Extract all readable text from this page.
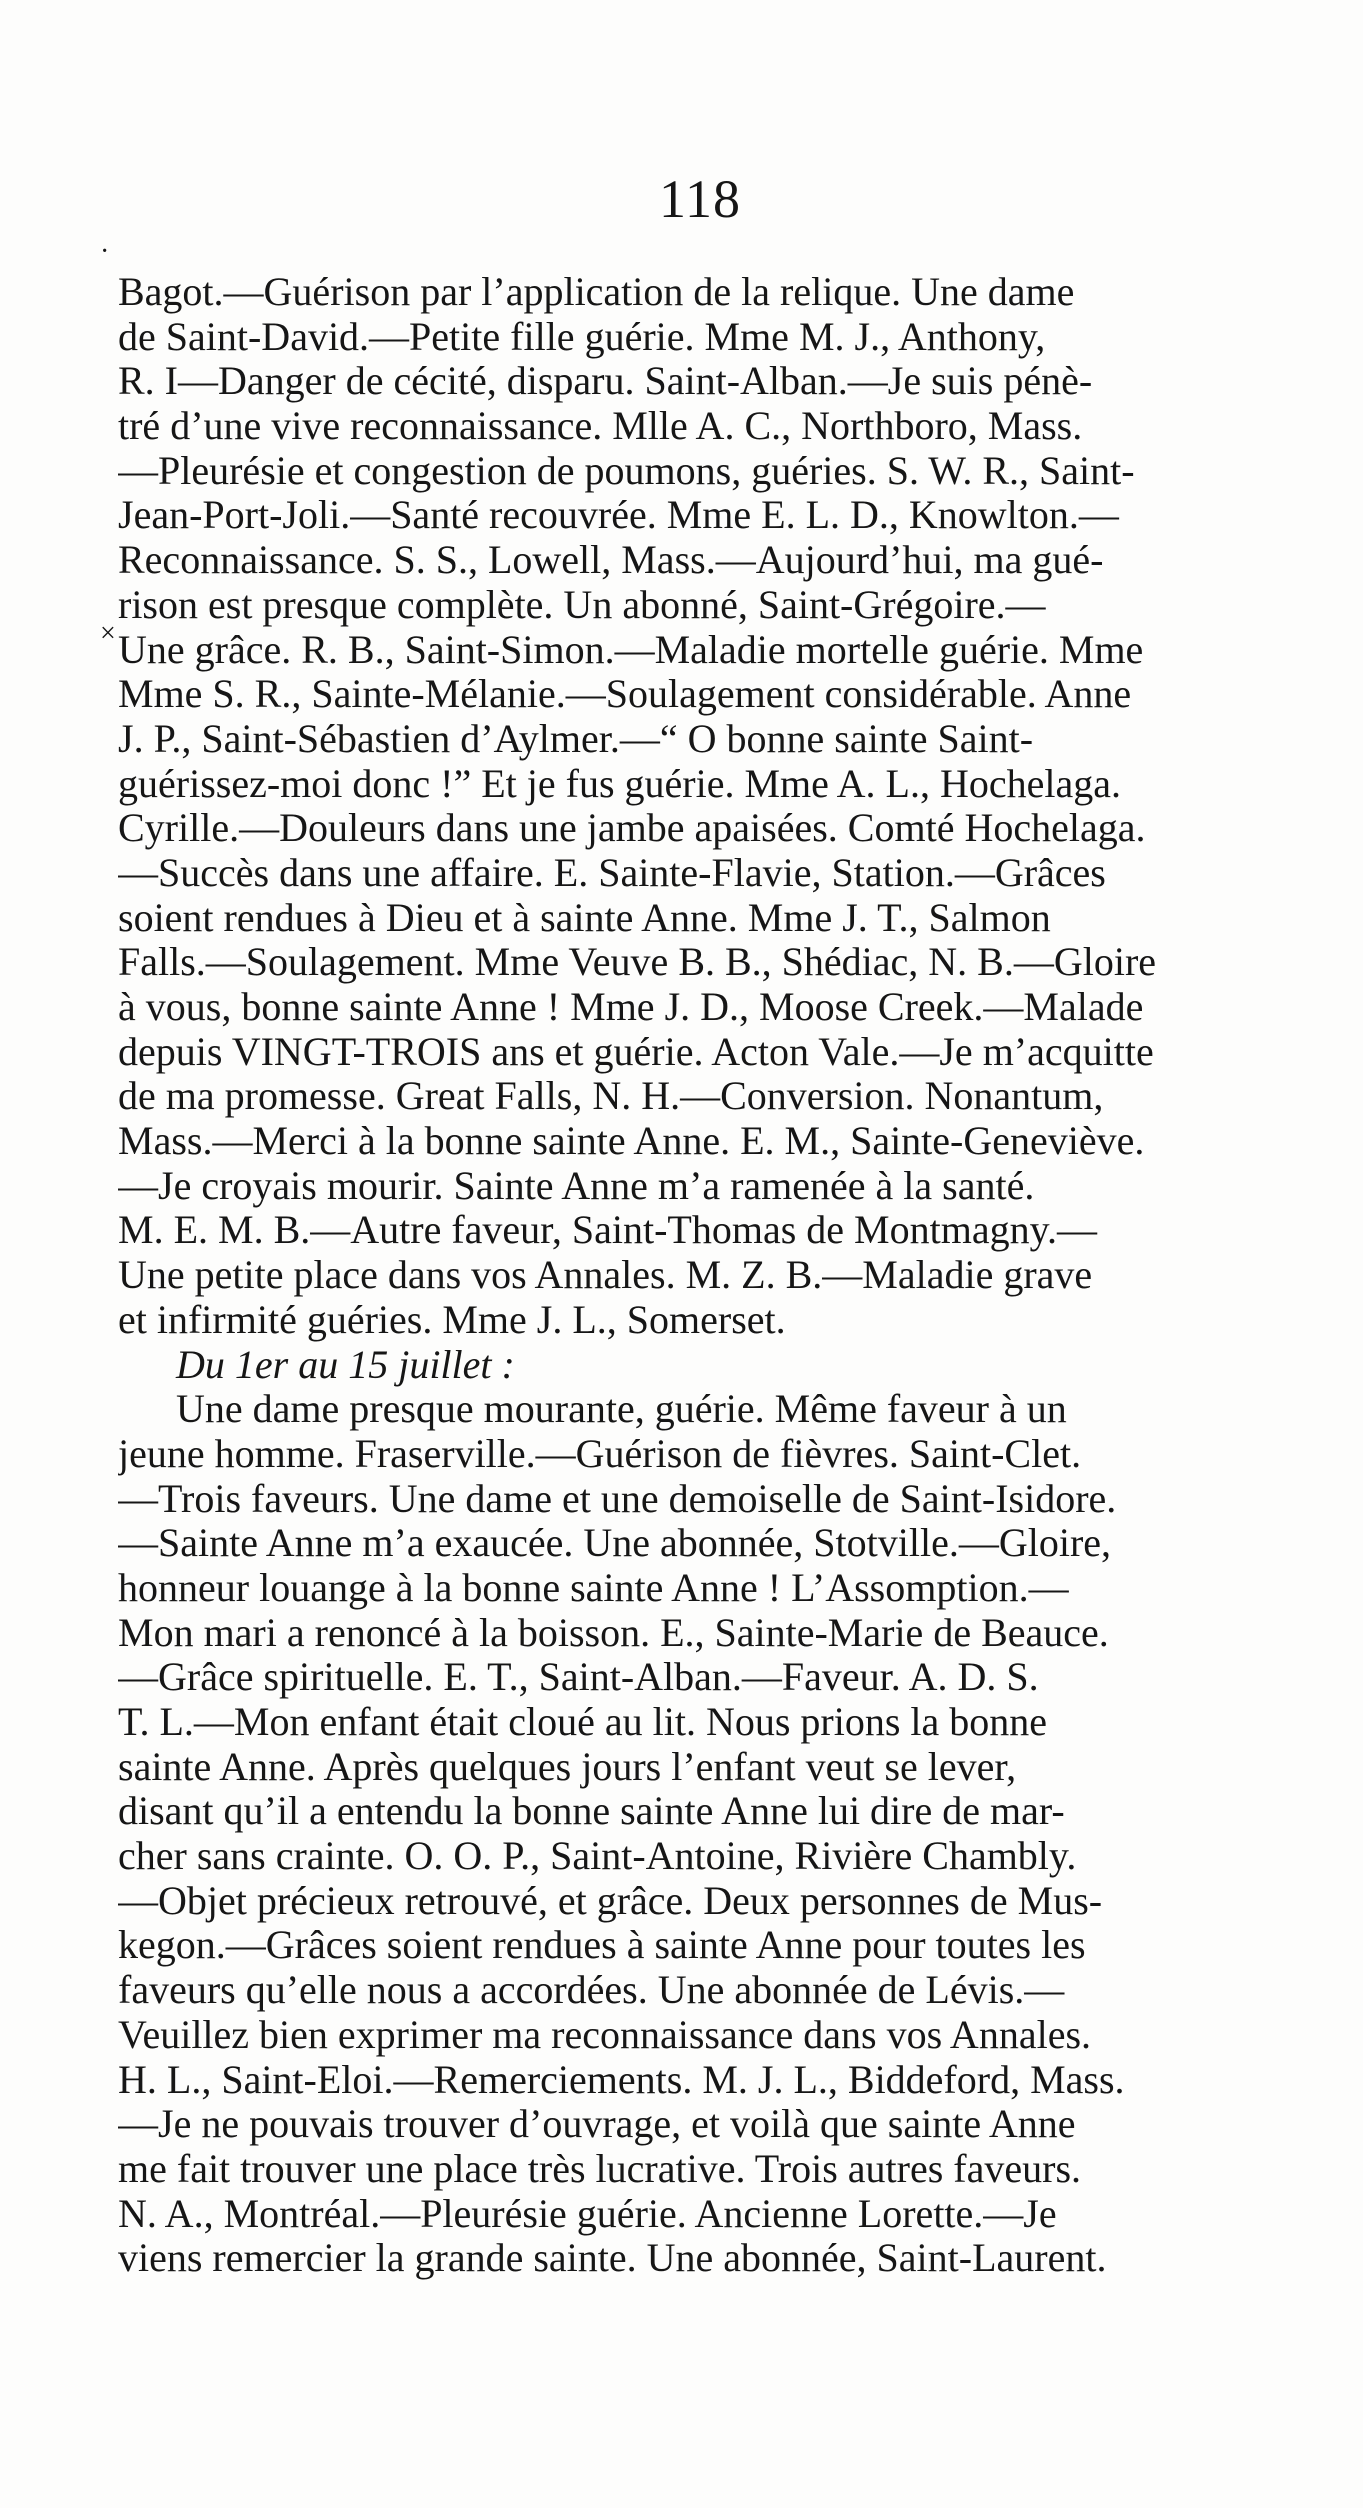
·
×
118
Bagot.—Guérison par l’application de la relique. Une dame
de Saint-David.—Petite fille guérie. Mme M. J., Anthony,
R. I—Danger de cécité, disparu. Saint-Alban.—Je suis pénè-
tré d’une vive reconnaissance. Mlle A. C., Northboro, Mass.
—Pleurésie et congestion de poumons, guéries. S. W. R., Saint-
Jean-Port-Joli.—Santé recouvrée. Mme E. L. D., Knowlton.—
Reconnaissance. S. S., Lowell, Mass.—Aujourd’hui, ma gué-
rison est presque complète. Un abonné, Saint-Grégoire.—
Une grâce. R. B., Saint-Simon.—Maladie mortelle guérie. Mme
Mme S. R., Sainte-Mélanie.—Soulagement considérable. Anne
J. P., Saint-Sébastien d’Aylmer.—“ O bonne sainte Saint-
guérissez-moi donc !” Et je fus guérie. Mme A. L., Hochelaga.
Cyrille.—Douleurs dans une jambe apaisées. Comté Hochelaga.
—Succès dans une affaire. E. Sainte-Flavie, Station.—Grâces
soient rendues à Dieu et à sainte Anne. Mme J. T., Salmon
Falls.—Soulagement. Mme Veuve B. B., Shédiac, N. B.—Gloire
à vous, bonne sainte Anne ! Mme J. D., Moose Creek.—Malade
depuis VINGT-TROIS ans et guérie. Acton Vale.—Je m’acquitte
de ma promesse. Great Falls, N. H.—Conversion. Nonantum,
Mass.—Merci à la bonne sainte Anne. E. M., Sainte-Geneviève.
—Je croyais mourir. Sainte Anne m’a ramenée à la santé.
M. E. M. B.—Autre faveur, Saint-Thomas de Montmagny.—
Une petite place dans vos Annales. M. Z. B.—Maladie grave
et infirmité guéries. Mme J. L., Somerset.
Du 1er au 15 juillet :
Une dame presque mourante, guérie. Même faveur à un
jeune homme. Fraserville.—Guérison de fièvres. Saint-Clet.
—Trois faveurs. Une dame et une demoiselle de Saint-Isidore.
—Sainte Anne m’a exaucée. Une abonnée, Stotville.—Gloire,
honneur louange à la bonne sainte Anne ! L’Assomption.—
Mon mari a renoncé à la boisson. E., Sainte-Marie de Beauce.
—Grâce spirituelle. E. T., Saint-Alban.—Faveur. A. D. S.
T. L.—Mon enfant était cloué au lit. Nous prions la bonne
sainte Anne. Après quelques jours l’enfant veut se lever,
disant qu’il a entendu la bonne sainte Anne lui dire de mar-
cher sans crainte. O. O. P., Saint-Antoine, Rivière Chambly.
—Objet précieux retrouvé, et grâce. Deux personnes de Mus-
kegon.—Grâces soient rendues à sainte Anne pour toutes les
faveurs qu’elle nous a accordées. Une abonnée de Lévis.—
Veuillez bien exprimer ma reconnaissance dans vos Annales.
H. L., Saint-Eloi.—Remerciements. M. J. L., Biddeford, Mass.
—Je ne pouvais trouver d’ouvrage, et voilà que sainte Anne
me fait trouver une place très lucrative. Trois autres faveurs.
N. A., Montréal.—Pleurésie guérie. Ancienne Lorette.—Je
viens remercier la grande sainte. Une abonnée, Saint-Laurent.
